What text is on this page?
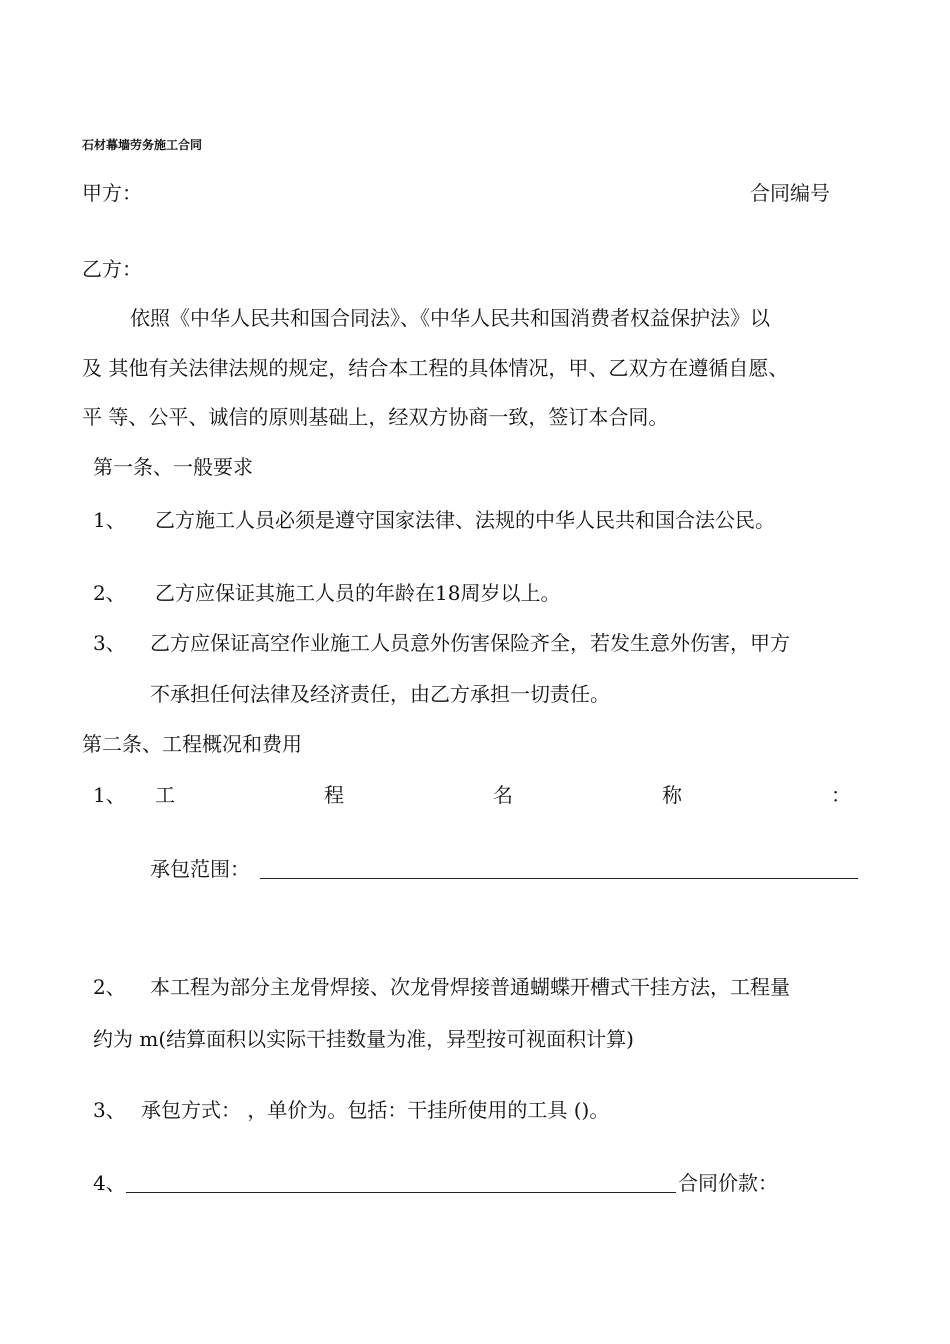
石材幕墙劳务施工合同
甲方：	合同编号
乙方：
依照《中华人民共和国合同法》、《中华人民共和国消费者权益保护法》以
及 其他有关法律法规的规定，结合本工程的具体情况，甲、乙双方在遵循自愿、
平 等、公平、诚信的原则基础上，经双方协商一致，签订本合同。
第一条、一般要求
1、 乙方施工人员必须是遵守国家法律、法规的中华人民共和国合法公民。
2、 乙方应保证其施工人员的年龄在18周岁以上。
3、 乙方应保证高空作业施工人员意外伤害保险齐全，若发生意外伤害，甲方
不承担任何法律及经济责任，由乙方承担一切责任。
第二条、工程概况和费用
1、 工	程	名	称	：
承包范围：
2、 本工程为部分主龙骨焊接、次龙骨焊接普通蝴蝶开槽式干挂方法，工程量
约为 m(结算面积以实际干挂数量为准，异型按可视面积计算)
3、 承包方式： ，单价为。包括：干挂所使用的工具 ()。
4、	合同价款：
